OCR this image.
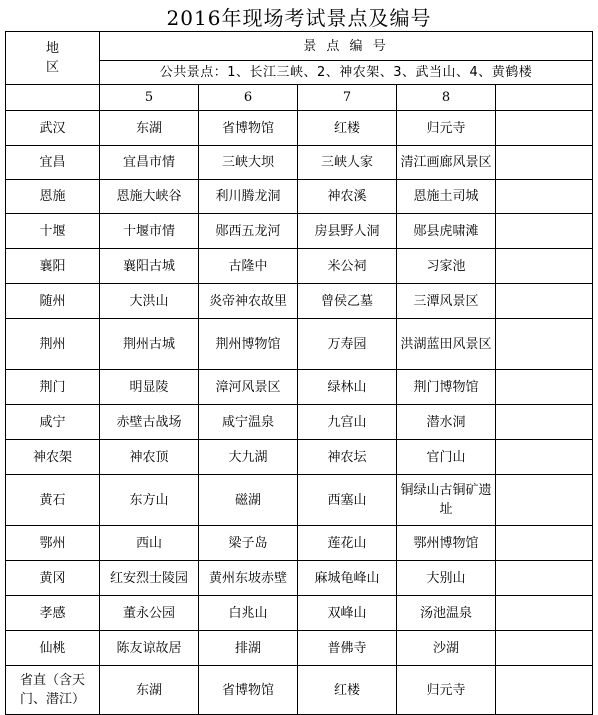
2016年现场考试景点及编号
地
区	景 点 编 号				
	公共景点：1、长江三峡、2、神农架、3、武当山、4、黄鹤楼				
	5	6	7	8	
武汉	东湖	省博物馆	红楼	归元寺	
宜昌	宜昌市情	三峡大坝	三峡人家	清江画廊风景区	
恩施	恩施大峡谷	利川腾龙洞	神农溪	恩施土司城	
十堰	十堰市情	郧西五龙河	房县野人洞	郧县虎啸滩	
襄阳	襄阳古城	古隆中	米公祠	习家池	
随州	大洪山	炎帝神农故里	曾侯乙墓	三潭风景区	
荆州	荆州古城	荆州博物馆	万寿园	洪湖蓝田风景区	
荆门	明显陵	漳河风景区	绿林山	荆门博物馆	
咸宁	赤壁古战场	咸宁温泉	九宫山	潜水洞	
神农架	神农顶	大九湖	神农坛	官门山	
黄石	东方山	磁湖	西塞山	铜绿山古铜矿遗址	
鄂州	西山	梁子岛	莲花山	鄂州博物馆	
黄冈	红安烈士陵园	黄州东坡赤壁	麻城龟峰山	大别山	
孝感	董永公园	白兆山	双峰山	汤池温泉	
仙桃	陈友谅故居	排湖	普佛寺	沙湖	
省直（含天门、潜江）	东湖	省博物馆	红楼	归元寺	
